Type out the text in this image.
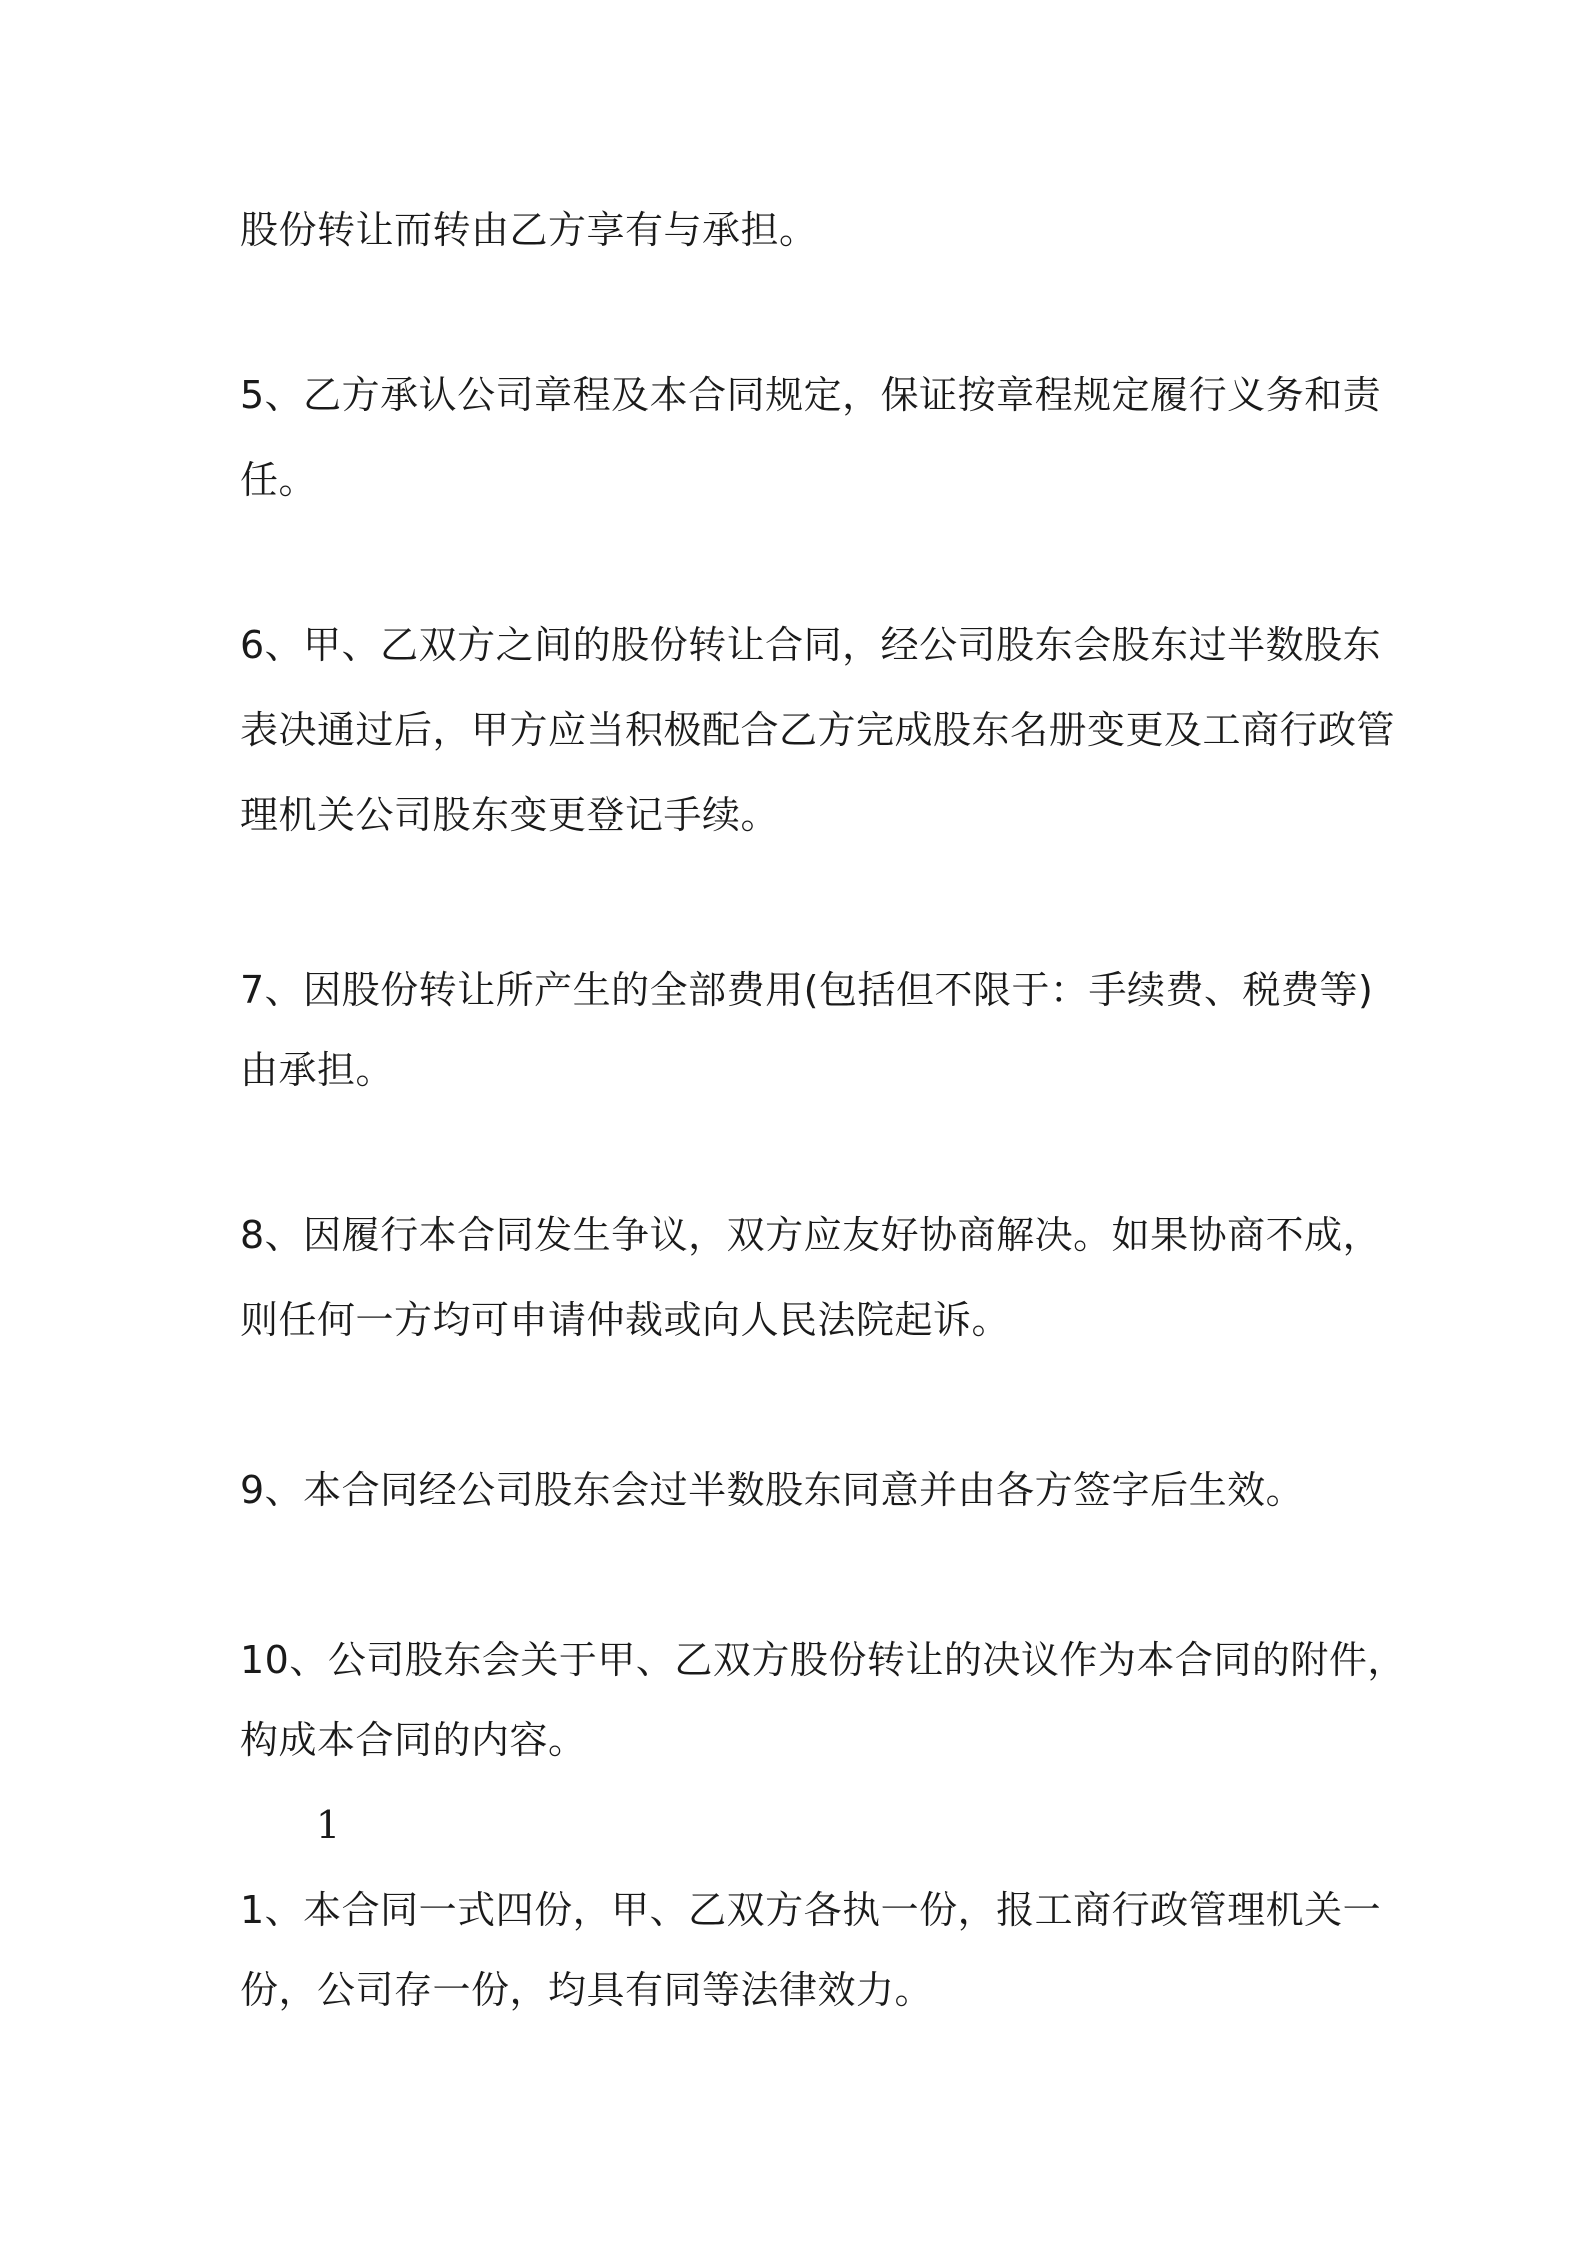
股份转让而转由乙方享有与承担。
5、乙方承认公司章程及本合同规定，保证按章程规定履行义务和责
任。
6、甲、乙双方之间的股份转让合同，经公司股东会股东过半数股东
表决通过后，甲方应当积极配合乙方完成股东名册变更及工商行政管
理机关公司股东变更登记手续。
7、因股份转让所产生的全部费用(包括但不限于：手续费、税费等)
由承担。
8、因履行本合同发生争议，双方应友好协商解决。如果协商不成，
则任何一方均可申请仲裁或向人民法院起诉。
9、本合同经公司股东会过半数股东同意并由各方签字后生效。
10、公司股东会关于甲、乙双方股份转让的决议作为本合同的附件，
构成本合同的内容。
1
1、本合同一式四份，甲、乙双方各执一份，报工商行政管理机关一
份，公司存一份，均具有同等法律效力。
